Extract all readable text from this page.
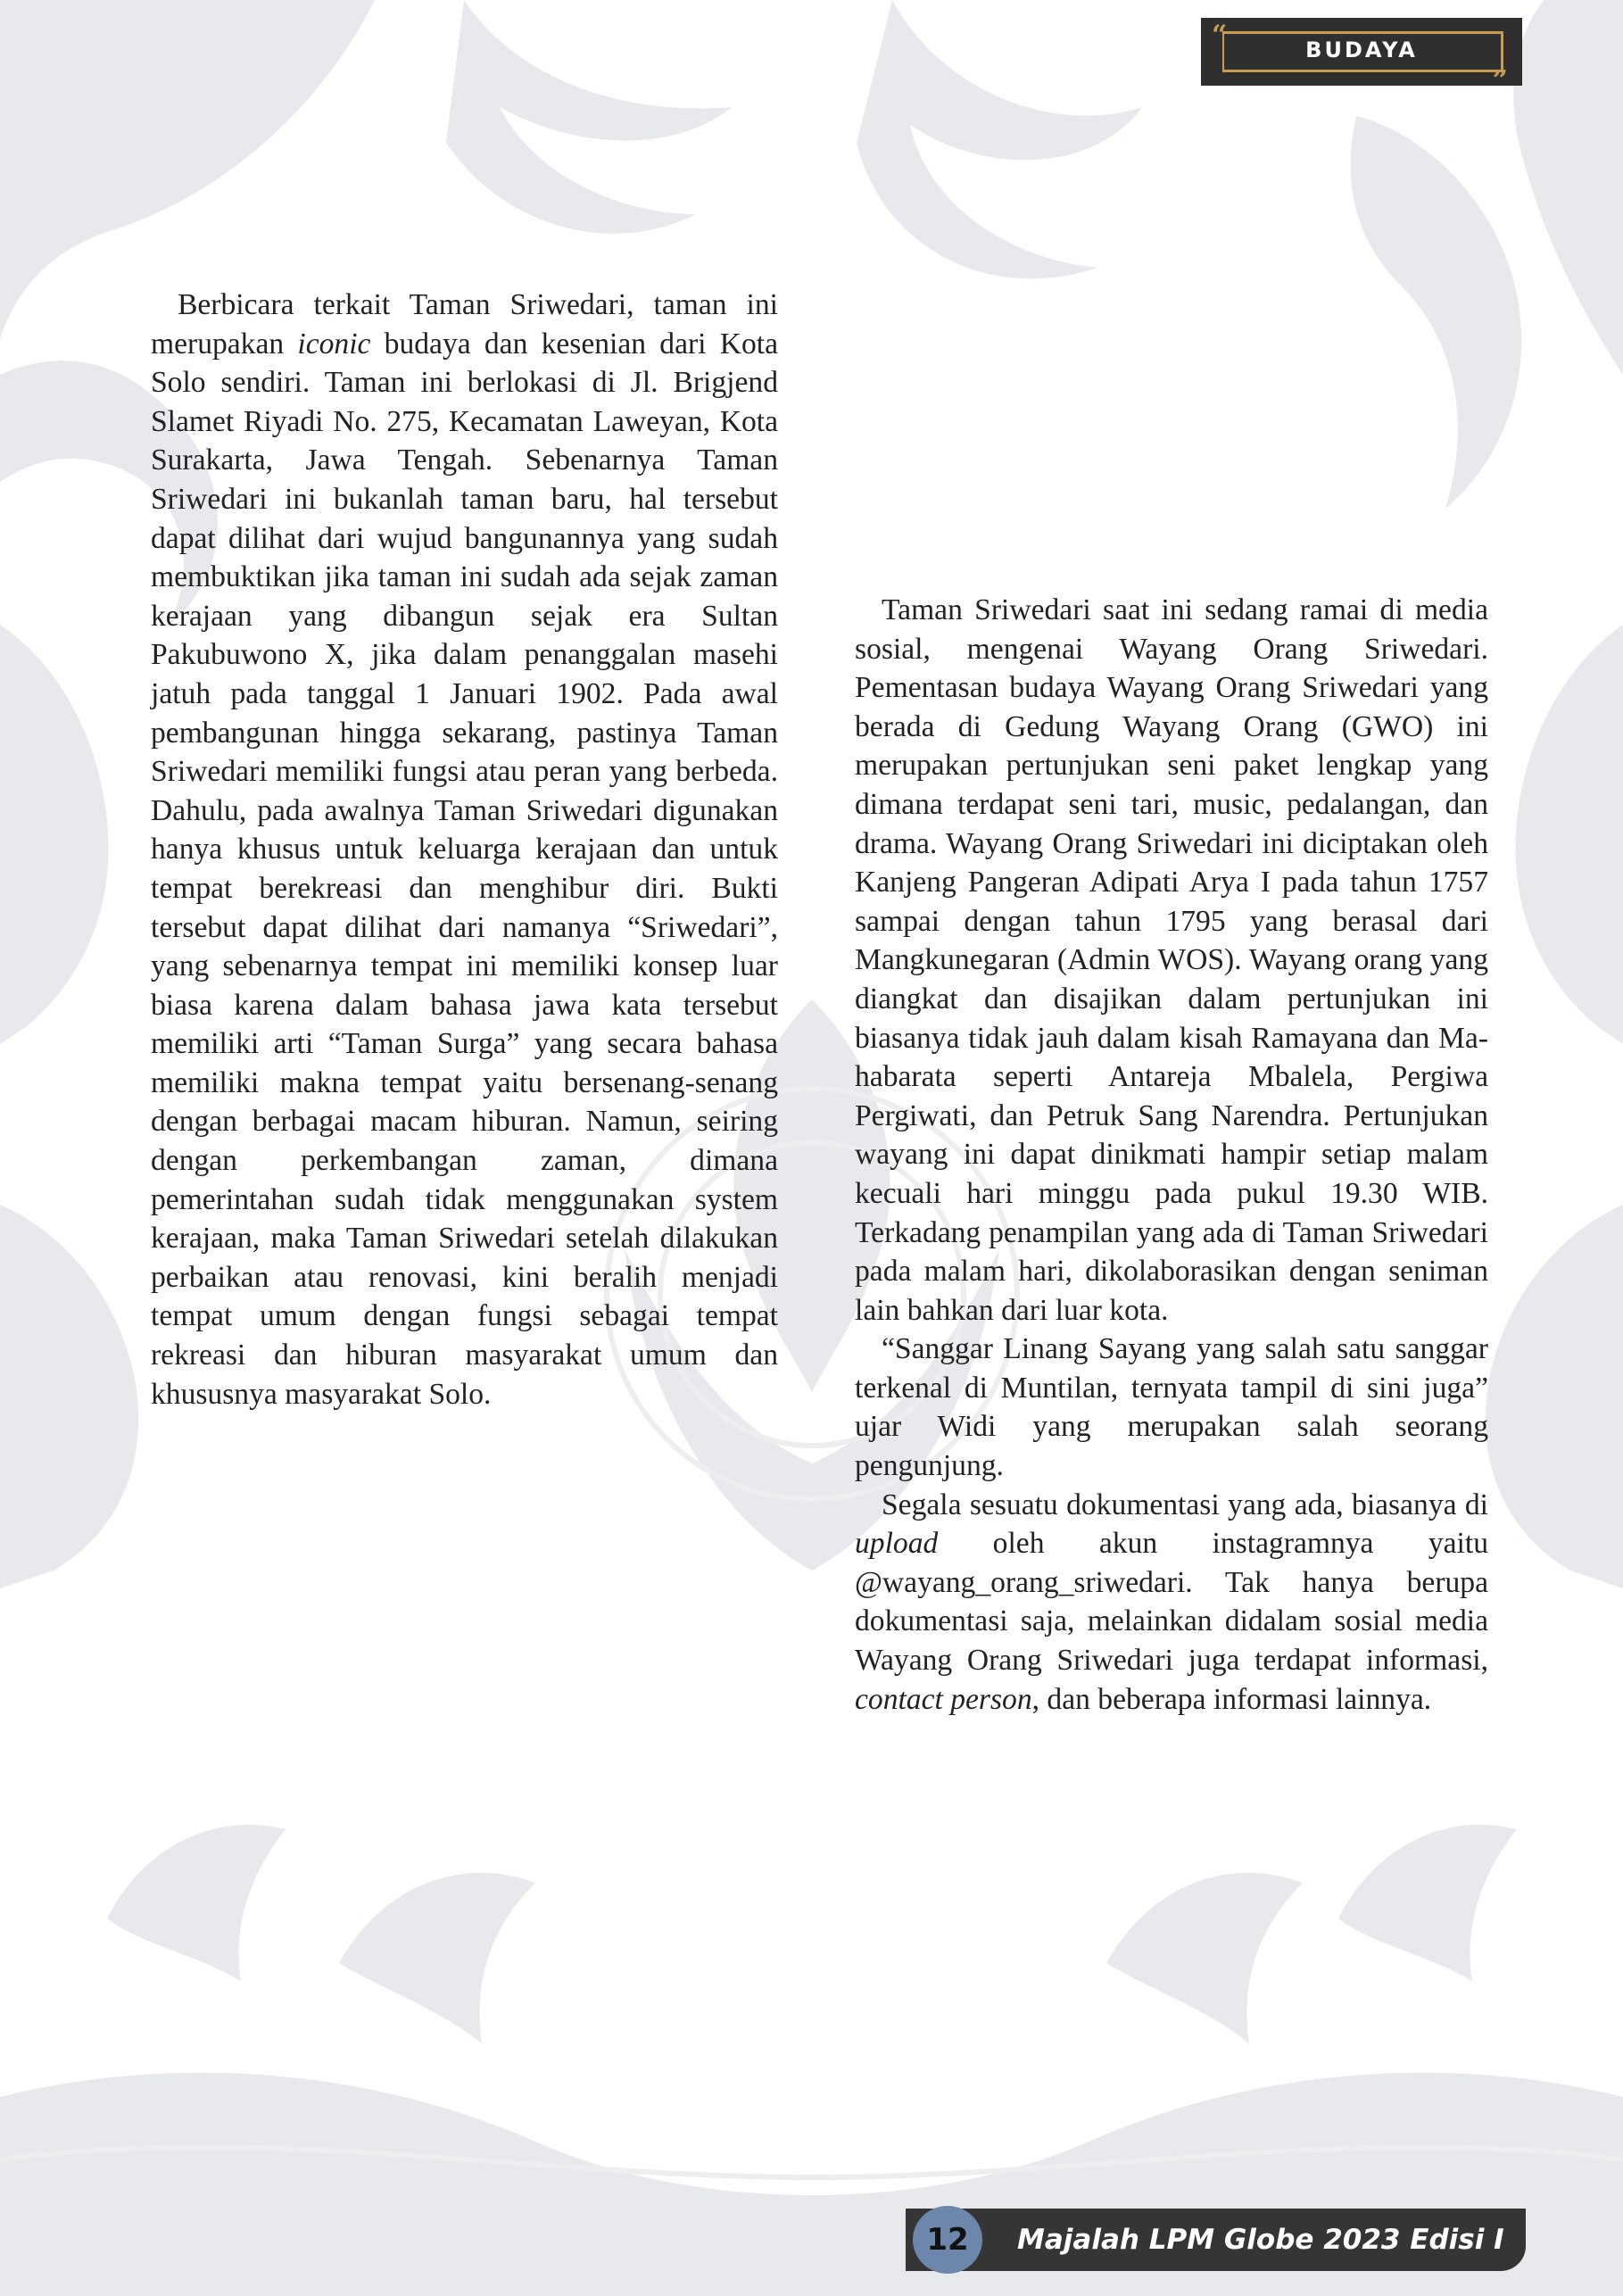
“	BUDAYA
”

Berbicara terkait Taman Sriwedari, taman ini merupakan iconic budaya dan kesenian dari Kota Solo sendiri. Taman ini berlokasi di Jl. Brigjend Slamet Riyadi No. 275, Kecamatan Laweyan, Kota Surakarta, Jawa Tengah. Sebenarnya Taman Sriwedari ini bukanlah taman baru, hal tersebut dapat dilihat dari wujud bangunannya yang sudah membuktikan jika taman ini sudah ada sejak zaman kerajaan yang dibangun sejak era Sultan Pakubuwono X, jika dalam penanggalan masehi jatuh pada tanggal 1 Januari 1902. Pada awal pembangunan hingga sekarang, pastinya Taman Sriwedari memiliki fungsi atau peran yang berbeda. Dahulu, pada awalnya Taman Sriwedari digunakan hanya khusus untuk keluarga kerajaan dan untuk tempat berekreasi dan menghibur diri. Bukti tersebut dapat dilihat dari namanya “Sriwedari”, yang sebenarnya tempat ini memiliki konsep luar biasa karena dalam bahasa jawa kata tersebut memiliki arti “Taman Surga” yang secara bahasa memiliki makna tempat yaitu bersenang-senang dengan berbagai macam hiburan. Namun, seiring dengan perkembangan zaman, dimana pemerintahan sudah tidak menggunakan system kerajaan, maka Taman Sriwedari setelah dilakukan perbaikan atau renovasi, kini beralih menjadi tempat umum dengan fungsi sebagai tempat rekreasi dan hiburan masyarakat umum dan khususnya masyarakat Solo.

Taman Sriwedari saat ini sedang ramai di media sosial, mengenai Wayang Orang Sriwedari. Pementasan budaya Wayang Orang Sriwedari yang berada di Gedung Wayang Orang (GWO) ini merupakan pertunjukan seni paket lengkap yang dimana terdapat seni tari, music, pedalangan, dan drama. Wayang Orang Sriwedari ini diciptakan oleh Kanjeng Pangeran Adipati Arya I pada tahun 1757 sampai dengan tahun 1795 yang berasal dari Mangkunegaran (Admin WOS). Wayang orang yang diangkat dan disajikan dalam pertunjukan ini biasanya tidak jauh dalam kisah Ramayana dan Mahabarata seperti Antareja Mbalela, Pergiwa Pergiwati, dan Petruk Sang Narendra. Pertunjukan wayang ini dapat dinikmati hampir setiap malam kecuali hari minggu pada pukul 19.30 WIB. Terkadang penampilan yang ada di Taman Sriwedari pada malam hari, dikolaborasikan dengan seniman lain bahkan dari luar kota.

“Sanggar Linang Sayang yang salah satu sanggar terkenal di Muntilan, ternyata tampil di sini juga” ujar Widi yang merupakan salah seorang pengunjung.

Segala sesuatu dokumentasi yang ada, biasanya di upload oleh akun instagramnya yaitu @wayang_orang_sriwedari. Tak hanya berupa dokumentasi saja, melainkan didalam sosial media Wayang Orang Sriwedari juga terdapat informasi, contact person, dan beberapa informasi lainnya.

12	Majalah LPM Globe 2023 Edisi I
